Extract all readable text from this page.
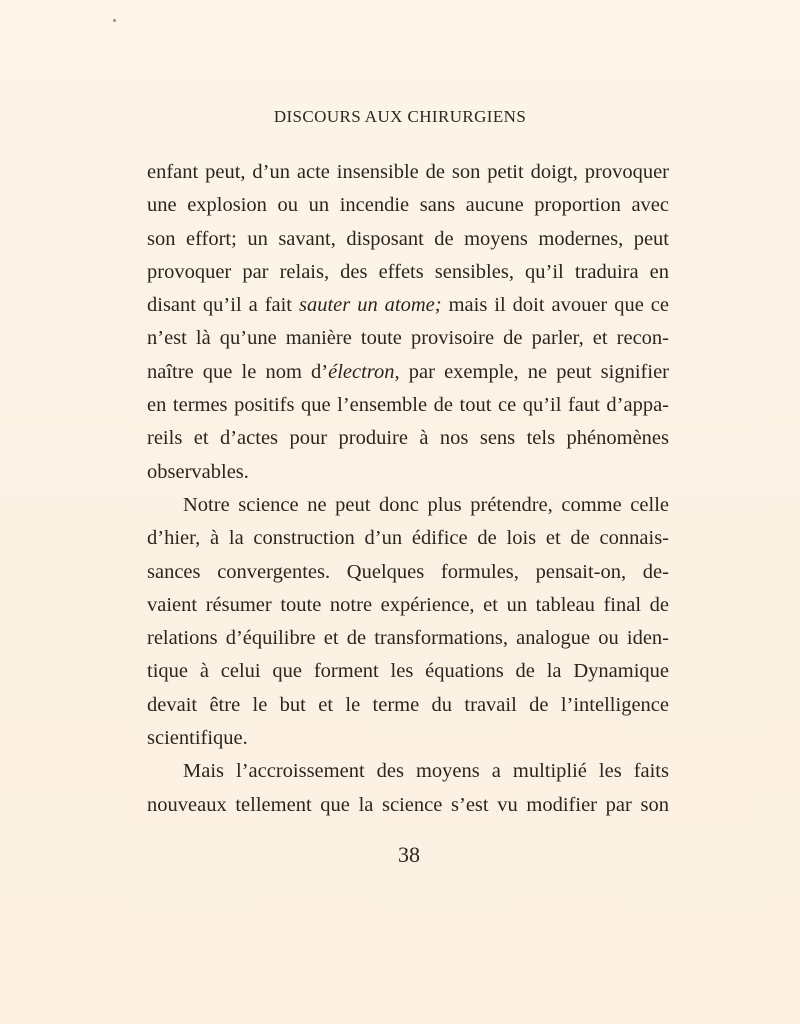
DISCOURS AUX CHIRURGIENS
enfant peut, d’un acte insensible de son petit doigt, provoquer
une explosion ou un incendie sans aucune proportion avec
son effort; un savant, disposant de moyens modernes, peut
provoquer par relais, des effets sensibles, qu’il traduira en
disant qu’il a fait sauter un atome; mais il doit avouer que ce
n’est là qu’une manière toute provisoire de parler, et recon-
naître que le nom d’électron, par exemple, ne peut signifier
en termes positifs que l’ensemble de tout ce qu’il faut d’appa-
reils et d’actes pour produire à nos sens tels phénomènes
observables.
Notre science ne peut donc plus prétendre, comme celle
d’hier, à la construction d’un édifice de lois et de connais-
sances convergentes. Quelques formules, pensait-on, de-
vaient résumer toute notre expérience, et un tableau final de
relations d’équilibre et de transformations, analogue ou iden-
tique à celui que forment les équations de la Dynamique
devait être le but et le terme du travail de l’intelligence
scientifique.
Mais l’accroissement des moyens a multiplié les faits
nouveaux tellement que la science s’est vu modifier par son
38
